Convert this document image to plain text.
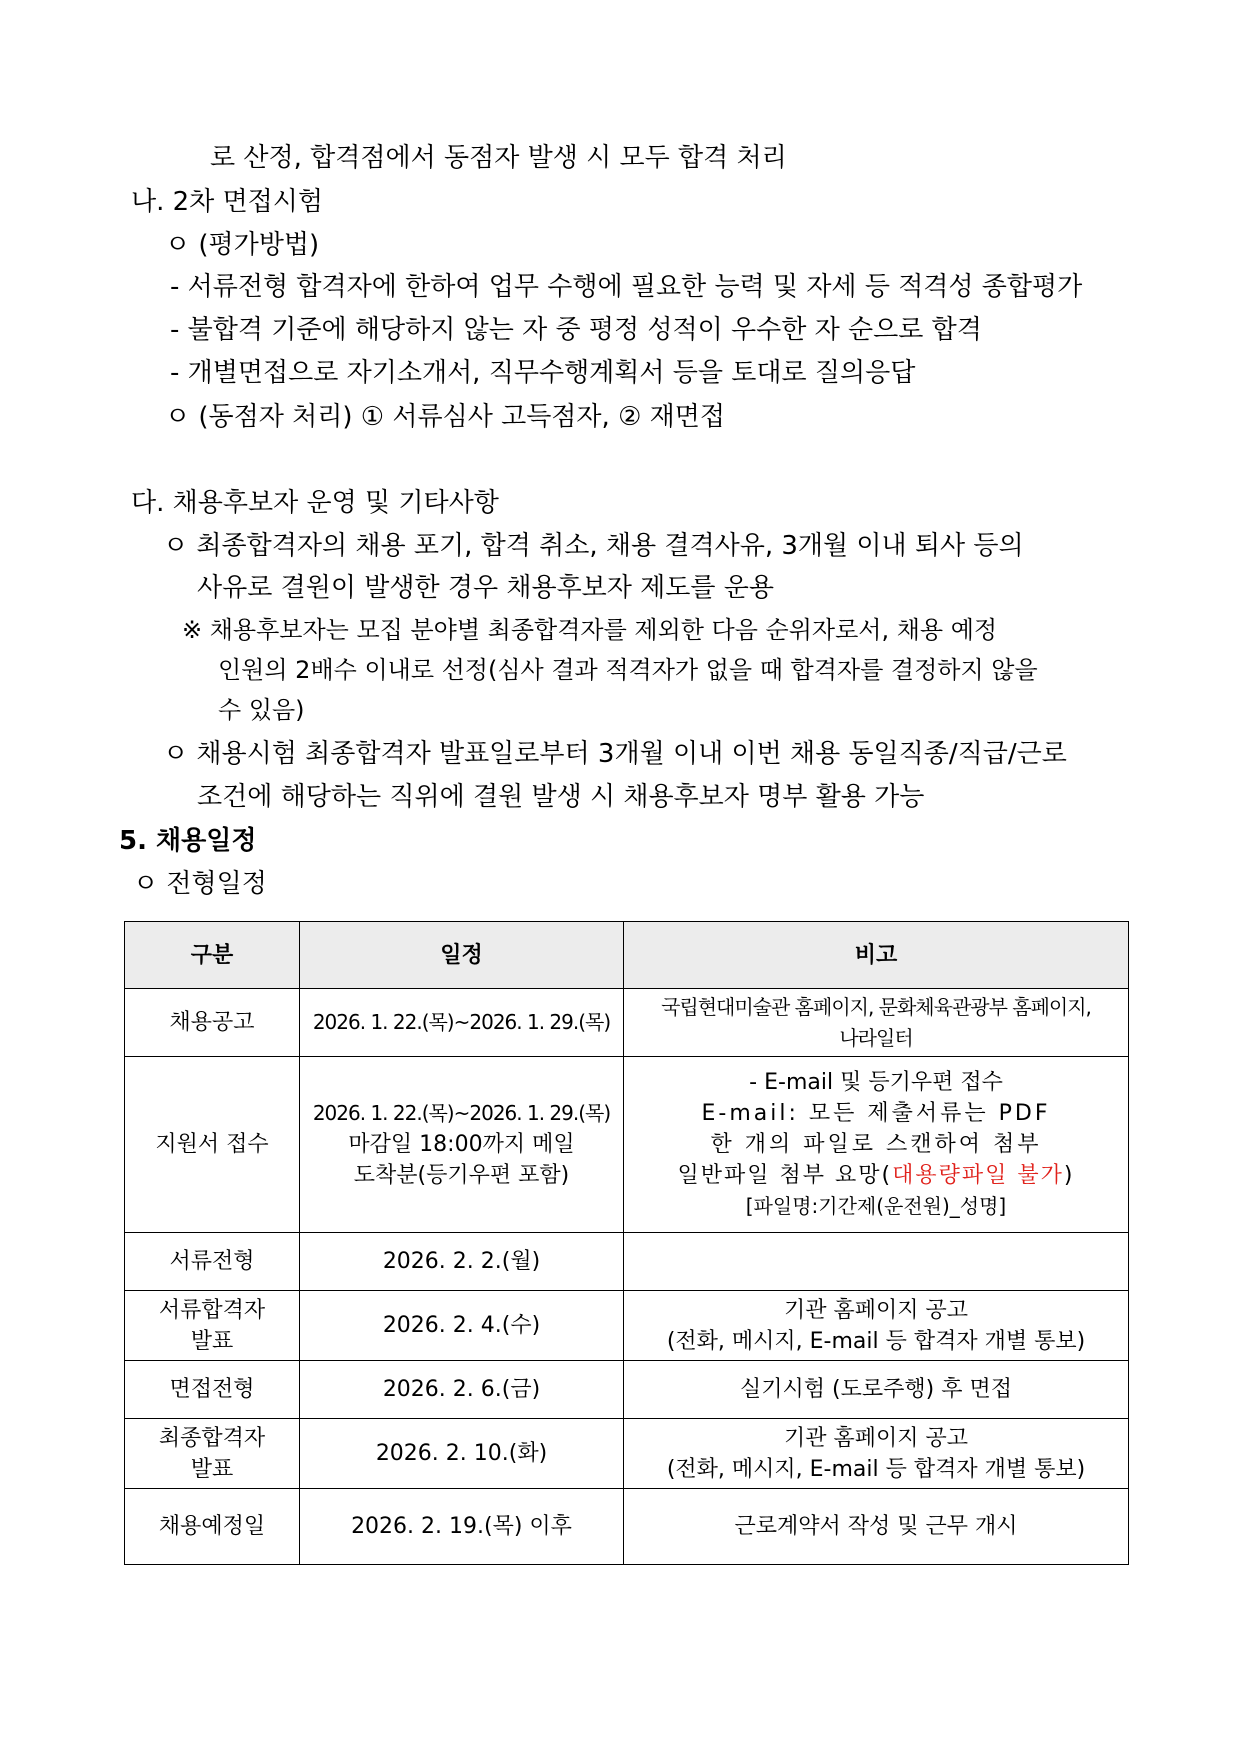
로 산정, 합격점에서 동점자 발생 시 모두 합격 처리
나. 2차 면접시험
ㅇ (평가방법)
- 서류전형 합격자에 한하여 업무 수행에 필요한 능력 및 자세 등 적격성 종합평가
- 불합격 기준에 해당하지 않는 자 중 평정 성적이 우수한 자 순으로 합격
- 개별면접으로 자기소개서, 직무수행계획서 등을 토대로 질의응답
ㅇ (동점자 처리) ① 서류심사 고득점자, ② 재면접
다. 채용후보자 운영 및 기타사항
ㅇ 최종합격자의 채용 포기, 합격 취소, 채용 결격사유, 3개월 이내 퇴사 등의
사유로 결원이 발생한 경우 채용후보자 제도를 운용
※ 채용후보자는 모집 분야별 최종합격자를 제외한 다음 순위자로서, 채용 예정
인원의 2배수 이내로 선정(심사 결과 적격자가 없을 때 합격자를 결정하지 않을
수 있음)
ㅇ 채용시험 최종합격자 발표일로부터 3개월 이내 이번 채용 동일직종/직급/근로
조건에 해당하는 직위에 결원 발생 시 채용후보자 명부 활용 가능
5. 채용일정
ㅇ 전형일정
구분	일정	비고
채용공고	2026. 1. 22.(목)~2026. 1. 29.(목)	국립현대미술관 홈페이지, 문화체육관광부 홈페이지,
나라일터

지원서 접수	2026. 1. 22.(목)~2026. 1. 29.(목)
마감일 18:00까지 메일
도착분(등기우편 포함)	- E-mail 및 등기우편 접수
E-mail: 모든 제출서류는 PDF
한 개의 파일로 스캔하여 첨부
일반파일 첨부 요망(대용량파일 불가)
[파일명:기간제(운전원)_성명]

서류전형	2026. 2. 2.(월)	

서류합격자
발표	2026. 2. 4.(수)	기관 홈페이지 공고
(전화, 메시지, E-mail 등 합격자 개별 통보)

면접전형	2026. 2. 6.(금)	실기시험 (도로주행) 후 면접

최종합격자
발표	2026. 2. 10.(화)	기관 홈페이지 공고
(전화, 메시지, E-mail 등 합격자 개별 통보)

채용예정일	2026. 2. 19.(목) 이후	근로계약서 작성 및 근무 개시
